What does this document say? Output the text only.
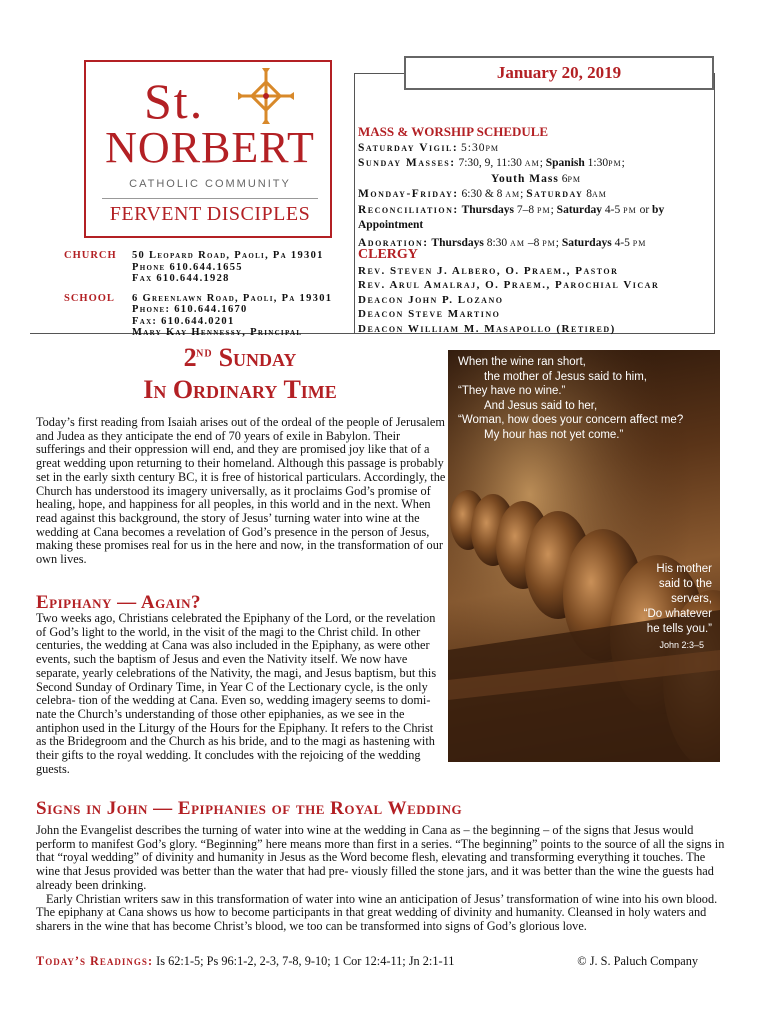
St.
NORBERT
CATHOLIC COMMUNITY
FERVENT DISCIPLES
January 20, 2019
MASS & WORSHIP SCHEDULE
Saturday Vigil: 5:30pm
Sunday Masses: 7:30, 9, 11:30 am; Spanish 1:30pm;
Youth Mass 6pm
Monday-Friday: 6:30 & 8 am; Saturday 8am
Reconciliation: Thursdays 7–8 pm; Saturday 4-5 pm or by Appointment
Adoration: Thursdays 8:30 am –8 pm; Saturdays 4-5 pm
CLERGY
Rev. Steven J. Albero, O. Praem., Pastor
Rev. Arul Amalraj, O. Praem., Parochial Vicar
Deacon John P. Lozano
Deacon Steve Martino
Deacon William M. Masapollo (Retired)
CHURCH 50 Leopard Road, Paoli, Pa 19301
Phone 610.644.1655
Fax 610.644.1928
SCHOOL 6 Greenlawn Road, Paoli, Pa 19301
Phone: 610.644.1670
Fax: 610.644.0201
Mary Kay Hennessy, Principal
2nd Sunday
In Ordinary Time
When the wine ran short,
the mother of Jesus said to him,
“They have no wine.”
And Jesus said to her,
“Woman, how does your concern affect me?
My hour has not yet come.”
His mother
said to the
servers,
“Do whatever
he tells you.”
John 2:3–5
Today’s first reading from Isaiah arises out of the ordeal of the people of Jerusalem and Judea as they anticipate the end of 70 years of exile in Babylon. Their sufferings and their oppression will end, and they are promised joy like that of a great wedding upon returning to their homeland. Although this passage is probably set in the early sixth century BC, it is free of historical particulars. Accordingly, the Church has understood its imagery universally, as it proclaims God’s promise of healing, hope, and happiness for all peoples, in this world and in the next. When read against this background, the story of Jesus’ turning water into wine at the wedding at Cana becomes a revelation of God’s presence in the person of Jesus, making these promises real for us in the here and now, in the transformation of our own lives.
Epiphany — Again?
Two weeks ago, Christians celebrated the Epiphany of the Lord, or the revelation of God’s light to the world, in the visit of the magi to the Christ child. In other centuries, the wedding at Cana was also included in the Epiphany, as were other events, such the baptism of Jesus and even the Nativity itself. We now have separate, yearly celebrations of the Nativity, the magi, and Jesus baptism, but this Second Sunday of Ordinary Time, in Year C of the Lectionary cycle, is the only celebra- tion of the wedding at Cana. Even so, wedding imagery seems to domi- nate the Church’s understanding of those other epiphanies, as we see in the antiphon used in the Liturgy of the Hours for the Epiphany. It refers to the Christ as the Bridegroom and the Church as his bride, and to the magi as hastening with their gifts to the royal wedding. It concludes with the rejoicing of the wedding guests.
Signs in John — Epiphanies of the Royal Wedding

John the Evangelist describes the turning of water into wine at the wedding in Cana as – the beginning – of the signs that Jesus would perform to manifest God’s glory. “Beginning” here means more than first in a series. “The beginning” points to the source of all the signs in that “royal wedding” of divinity and humanity in Jesus as the Word become flesh, elevating and transforming everything it touches. The wine that Jesus provided was better than the water that had pre- viously filled the stone jars, and it was better than the wine the guests had already been drinking.

Early Christian writers saw in this transformation of water into wine an anticipation of Jesus’ transformation of wine into his own blood. The epiphany at Cana shows us how to become participants in that great wedding of divinity and humanity. Cleansed in holy waters and sharers in the wine that has become Christ’s blood, we too can be transformed into signs of God’s glorious love.

Today’s Readings: Is 62:1-5; Ps 96:1-2, 2-3, 7-8, 9-10; 1 Cor 12:4-11; Jn 2:1-11	© J. S. Paluch Company
